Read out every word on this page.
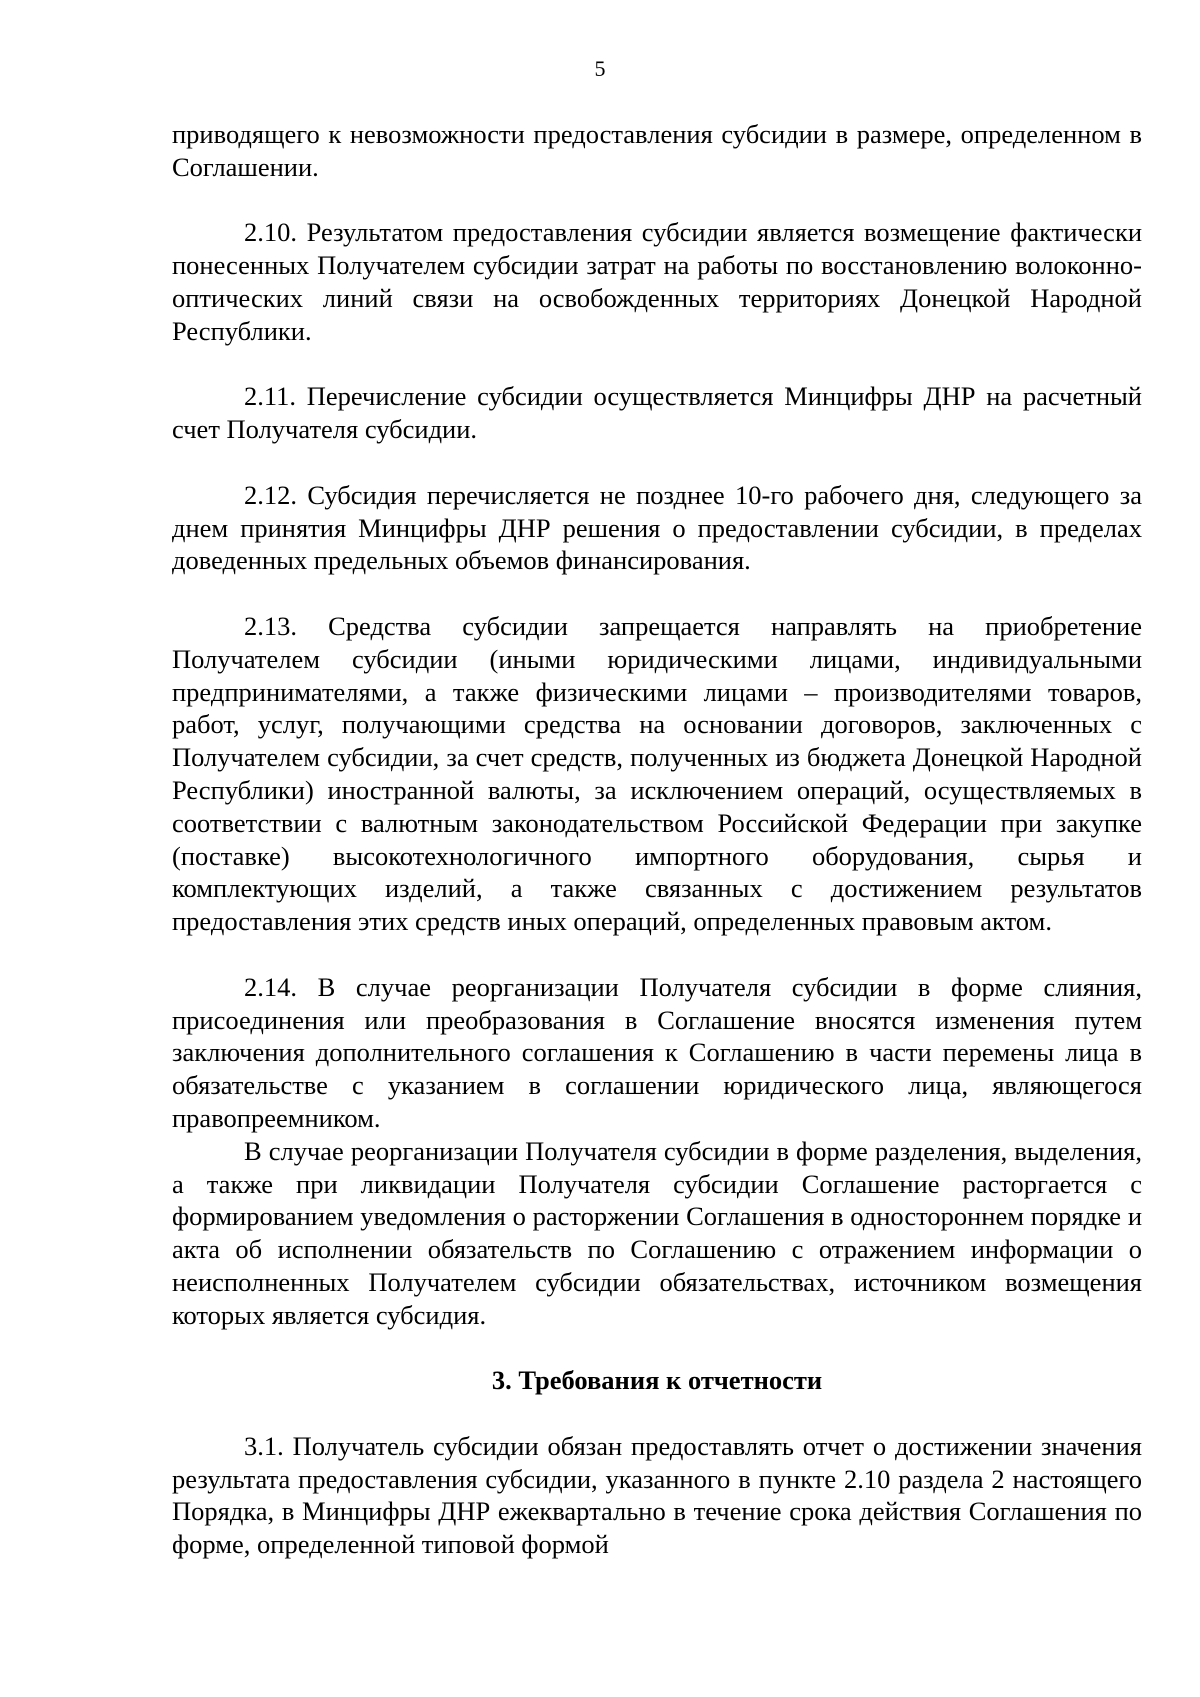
5

приводящего к невозможности предоставления субсидии в размере, определенном в Соглашении.

2.10. Результатом предоставления субсидии является возмещение фактически понесенных Получателем субсидии затрат на работы по восстановлению волоконно-оптических линий связи на освобожденных территориях Донецкой Народной Республики.

2.11. Перечисление субсидии осуществляется Минцифры ДНР на расчетный счет Получателя субсидии.

2.12. Субсидия перечисляется не позднее 10-го рабочего дня, следующего за днем принятия Минцифры ДНР решения о предоставлении субсидии, в пределах доведенных предельных объемов финансирования.

2.13. Средства субсидии запрещается направлять на приобретение Получателем субсидии (иными юридическими лицами, индивидуальными предпринимателями, а также физическими лицами – производителями товаров, работ, услуг, получающими средства на основании договоров, заключенных с Получателем субсидии, за счет средств, полученных из бюджета Донецкой Народной Республики) иностранной валюты, за исключением операций, осуществляемых в соответствии с валютным законодательством Российской Федерации при закупке (поставке) высокотехнологичного импортного оборудования, сырья и комплектующих изделий, а также связанных с достижением результатов предоставления этих средств иных операций, определенных правовым актом.

2.14. В случае реорганизации Получателя субсидии в форме слияния, присоединения или преобразования в Соглашение вносятся изменения путем заключения дополнительного соглашения к Соглашению в части перемены лица в обязательстве с указанием в соглашении юридического лица, являющегося правопреемником.

В случае реорганизации Получателя субсидии в форме разделения, выделения, а также при ликвидации Получателя субсидии Соглашение расторгается с формированием уведомления о расторжении Соглашения в одностороннем порядке и акта об исполнении обязательств по Соглашению с отражением информации о неисполненных Получателем субсидии обязательствах, источником возмещения которых является субсидия.

3. Требования к отчетности

3.1. Получатель субсидии обязан предоставлять отчет о достижении значения результата предоставления субсидии, указанного в пункте 2.10 раздела 2 настоящего Порядка, в Минцифры ДНР ежеквартально в течение срока действия Соглашения по форме, определенной типовой формой
